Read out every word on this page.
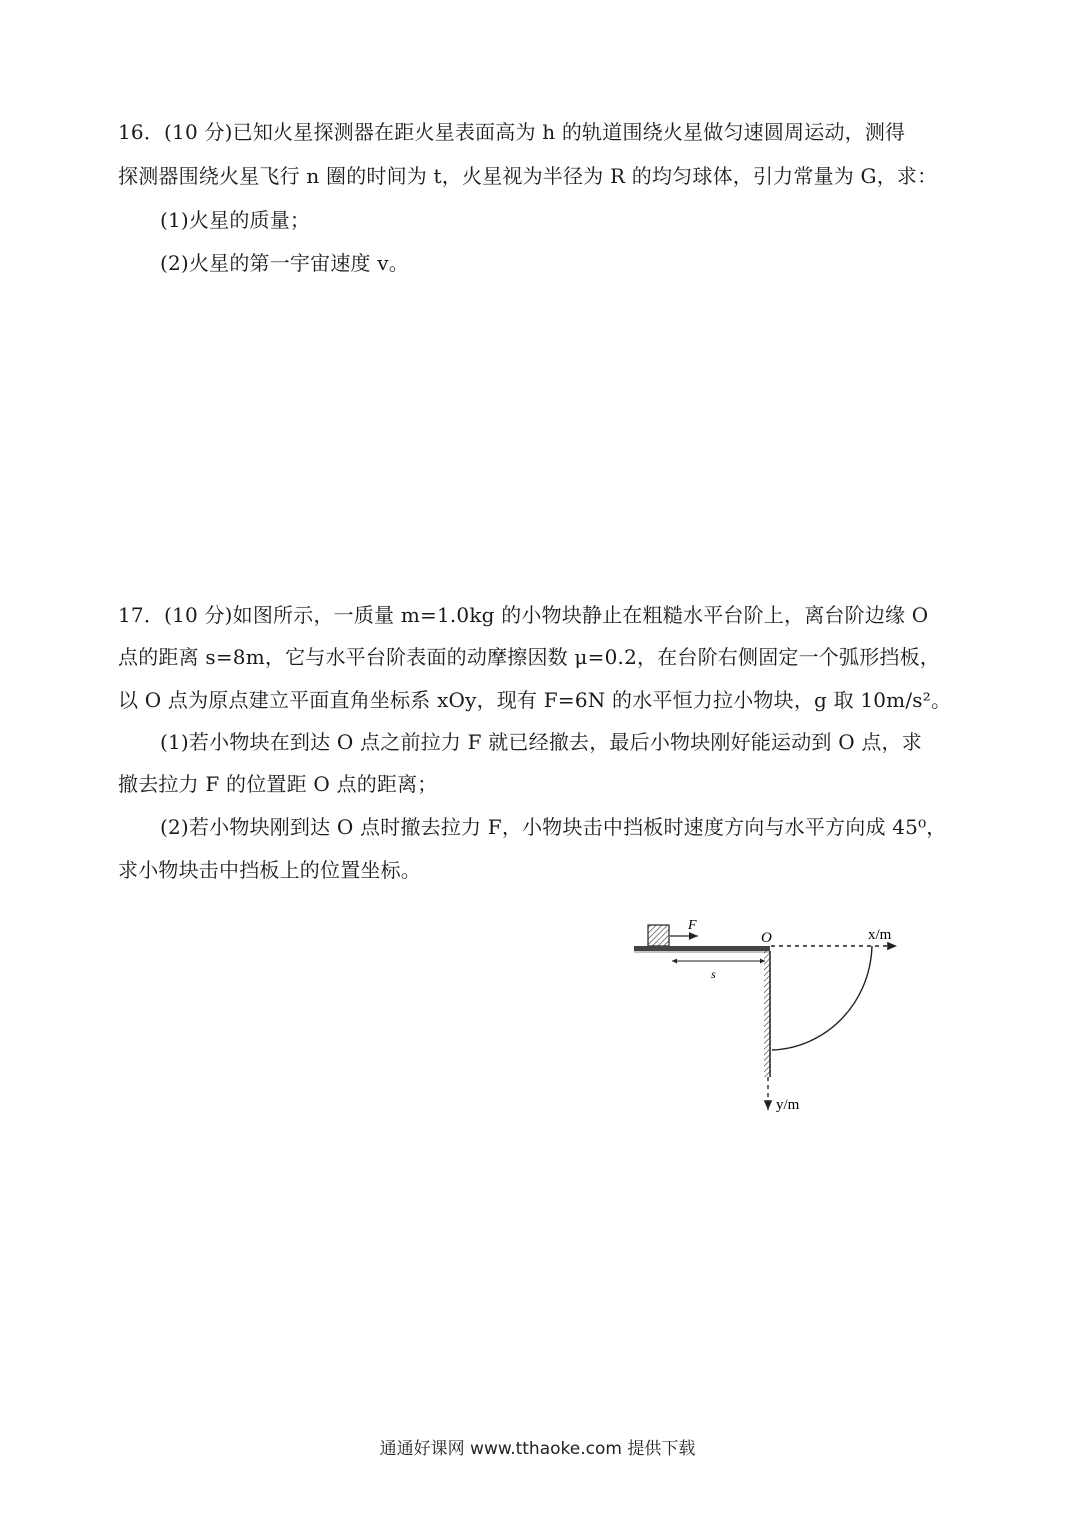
16．(10 分)已知火星探测器在距火星表面高为 h 的轨道围绕火星做匀速圆周运动，测得
探测器围绕火星飞行 n 圈的时间为 t，火星视为半径为 R 的均匀球体，引力常量为 G，求：
(1)火星的质量；
(2)火星的第一宇宙速度 v。
17．(10 分)如图所示，一质量 m=1.0kg 的小物块静止在粗糙水平台阶上，离台阶边缘 O
点的距离 s=8m，它与水平台阶表面的动摩擦因数 μ=0.2，在台阶右侧固定一个弧形挡板，
以 O 点为原点建立平面直角坐标系 xOy，现有 F=6N 的水平恒力拉小物块，g 取 10m/s²。
(1)若小物块在到达 O 点之前拉力 F 就已经撤去，最后小物块刚好能运动到 O 点，求
撤去拉力 F 的位置距 O 点的距离；
(2)若小物块刚到达 O 点时撤去拉力 F，小物块击中挡板时速度方向与水平方向成 45⁰，
求小物块击中挡板上的位置坐标。
F
O
s
x/m
y/m
通通好课网 www.tthaoke.com 提供下载
